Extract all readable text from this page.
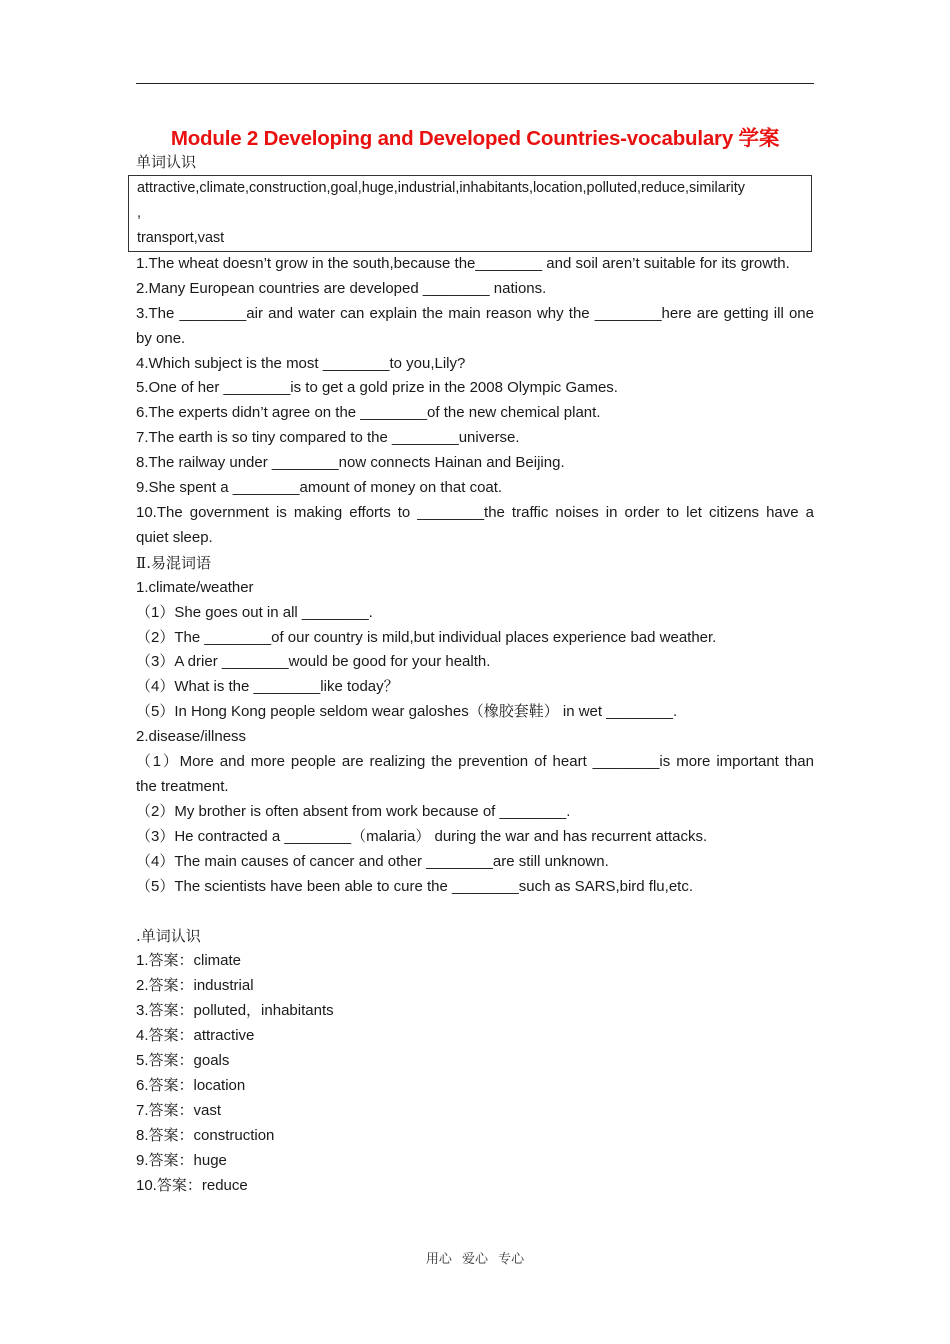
Module 2 Developing and Developed Countries-vocabulary 学案
单词认识
attractive,climate,construction,goal,huge,industrial,inhabitants,location,polluted,reduce,similarity
,
transport,vast
1.The wheat doesn’t grow in the south,because the________ and soil aren’t suitable for its growth.
2.Many European countries are developed ________ nations.
3.The ________air and water can explain the main reason why the ________here are getting ill one
by one.
4.Which subject is the most ________to you,Lily?
5.One of her ________is to get a gold prize in the 2008 Olympic Games.
6.The experts didn’t agree on the ________of the new chemical plant.
7.The earth is so tiny compared to the ________universe.
8.The railway under ________now connects Hainan and Beijing.
9.She spent a ________amount of money on that coat.
10.The government is making efforts to ________the traffic noises in order to let citizens have a
quiet sleep.
Ⅱ.易混词语
1.climate/weather
（1）She goes out in all ________.
（2）The ________of our country is mild,but individual places experience bad weather.
（3）A drier ________would be good for your health.
（4）What is the ________like today？
（5）In Hong Kong people seldom wear galoshes（橡胶套鞋） in wet ________.
2.disease/illness
（1）More and more people are realizing the prevention of heart ________is more important than
the treatment.
（2）My brother is often absent from work because of ________.
（3）He contracted a ________（malaria） during the war and has recurrent attacks.
（4）The main causes of cancer and other ________are still unknown.
（5）The scientists have been able to cure the ________such as SARS,bird flu,etc.
.单词认识
1.答案：climate
2.答案：industrial
3.答案：polluted，inhabitants
4.答案：attractive
5.答案：goals
6.答案：location
7.答案：vast
8.答案：construction
9.答案：huge
10.答案：reduce
用心 爱心 专心
